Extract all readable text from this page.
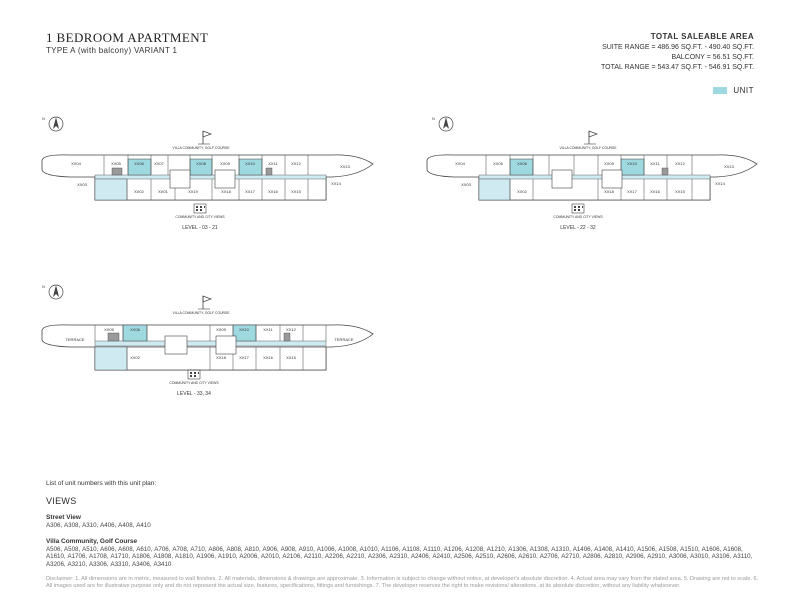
1 BEDROOM APARTMENT
TYPE A (with balcony) VARIANT 1
TOTAL SALEABLE AREA
SUITE RANGE = 486.96 SQ.FT. - 490.40 SQ.FT.
BALCONY = 56.51 SQ.FT.
TOTAL RANGE = 543.47 SQ.FT. - 546.91 SQ.FT.
UNIT
N
VILLA COMMUNITY, GOLF COURSE
XX04	XX05	XX06	XX07	XX08	XX09	XX10	XX11	XX12
XX13
XX03
XX02	XX01	XX19	XX18	XX17	XX16	XX15
XX14
COMMUNITY AND CITY VIEWS
LEVEL - 03 - 21
N
VILLA COMMUNITY, GOLF COURSE
XX04	XX05	XX06	XX09	XX10	XX11	XX12
XX13
XX03
XX02	XX18	XX17	XX16	XX15
XX14
COMMUNITY AND CITY VIEWS
LEVEL - 22 - 32
N
VILLA COMMUNITY, GOLF COURSE
TERRACE	TERRACE
XX05	XX06	XX09	XX10	XX11	XX12
XX02	XX18	XX17	XX16	XX15
COMMUNITY AND CITY VIEWS
LEVEL - 33, 34
List of unit numbers with this unit plan:
VIEWS
Street View
A306, A308, A310, A406, A408, A410
Villa Community, Golf Course
A506, A508, A510, A606, A608, A610, A706, A708, A710, A806, A808, A810, A906, A908, A910, A1006, A1008, A1010, A1106, A1108, A1110, A1206, A1208, A1210, A1306, A1308, A1310, A1406, A1408, A1410, A1506, A1508, A1510, A1606, A1608, A1610, A1706, A1708, A1710, A1806, A1808, A1810, A1906, A1910, A2006, A2010, A2106, A2110, A2206, A2210, A2306, A2310, A2406, A2410, A2506, A2510, A2606, A2610, A2706, A2710, A2806, A2810, A2906, A2910, A3006, A3010, A3106, A3110, A3206, A3210, A3306, A3310, A3406, A3410
Disclaimer: 1. All dimensions are in metric, measured to wall finishes. 2. All materials, dimensions & drawings are approximate. 3. Information is subject to change without notice, at developer's absolute discretion. 4. Actual area may vary from the stated area. 5. Drawing are not to scale. 6. All images used are for illustrative purpose only and do not represent the actual size, features, specifications, fittings and furnishings. 7. The developer reserves the right to make revisions/ alterations, at its absolute discretion, without any liability whatsoever.
